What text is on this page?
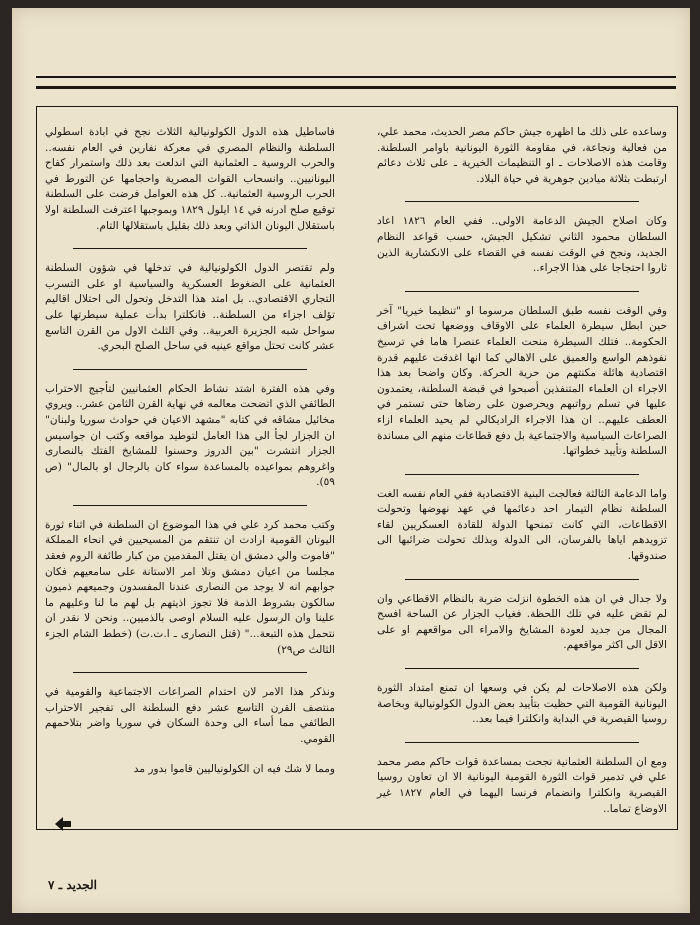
وساعده على ذلك ما اظهره جيش حاكم مصر الحديث، محمد علي، من فعالية ونجاعة، في مقاومة الثورة اليونانية باوامر السلطنة. وقامت هذه الاصلاحات ـ او التنظيمات الخيرية ـ على ثلاث دعائم ارتبطت بثلاثة ميادين جوهرية في حياة البلاد.

وكان اصلاح الجيش الدعامة الاولى.. ففي العام ١٨٢٦ اعاد السلطان محمود الثاني تشكيل الجيش، حسب قواعد النظام الجديد، ونجح في الوقت نفسه في القضاء على الانكشارية الذين ثاروا احتجاجا على هذا الاجراء..

وفي الوقت نفسه طبق السلطان مرسوما او "تنظيما خيريا" آخر حين ابطل سيطرة العلماء على الاوقاف ووضعها تحت اشراف الحكومة.. فتلك السيطرة منحت العلماء عنصرا هاما في ترسيخ نفوذهم الواسع والعميق على الاهالي كما انها اغدقت عليهم قدرة اقتصادية هائلة مكنتهم من حرية الحركة. وكان واضحا بعد هذا الاجراء ان العلماء المتنفذين أصبحوا في قبضة السلطنة، يعتمدون عليها في تسلم رواتبهم ويحرصون على رضاها حتى تستمر في العطف عليهم.. ان هذا الاجراء الراديكالي لم يحيد العلماء ازاء الصراعات السياسية والاجتماعية بل دفع قطاعات منهم الى مساندة السلطنة وتأييد خطواتها.

واما الدعامة الثالثة فعالجت البنية الاقتصادية ففي العام نفسه الغت السلطنة نظام التيمار احد دعائمها في عهد نهوضها وتحولت الاقطاعات، التي كانت تمنحها الدولة للقادة العسكريين لقاء تزويدهم اياها بالفرسان، الى الدولة وبذلك تحولت ضرائبها الى صندوقها.

ولا جدال في ان هذه الخطوة انزلت ضربة بالنظام الاقطاعي وان لم تقض عليه في تلك اللحظة. فغياب الجزار عن الساحة افسح المجال من جديد لعودة المشايخ والامراء الى مواقعهم او على الاقل الى اكثر مواقعهم.

ولكن هذه الاصلاحات لم يكن في وسعها ان تمنع امتداد الثورة اليونانية القومية التي حظيت بتأييد بعض الدول الكولونيالية وبخاصة روسيا القيصرية في البداية وانكلترا فيما بعد..

ومع ان السلطنة العثمانية نجحت بمساعدة قوات حاكم مصر محمد علي في تدمير قوات الثورة القومية اليونانية الا ان تعاون روسيا القيصرية وانكلترا وانضمام فرنسا اليهما في العام ١٨٢٧ غير الاوضاع تماما..

فاساطيل هذه الدول الكولونيالية الثلاث نجح في ابادة اسطولي السلطنة والنظام المصري في معركة نفارين في العام نفسه.. والحرب الروسية ـ العثمانية التي اندلعت بعد ذلك واستمرار كفاح اليونانيين.. وانسحاب القوات المصرية واحجامها عن التورط في الحرب الروسية العثمانية.. كل هذه العوامل فرضت على السلطنة توقيع صلح ادرنه في ١٤ ايلول ١٨٢٩ وبموجبها اعترفت السلطنة اولا باستقلال اليونان الذاتي وبعد ذلك بقليل باستقلالها التام.

ولم تقتصر الدول الكولونيالية في تدخلها في شؤون السلطنة العثمانية على الضغوط العسكرية والسياسية او على التسرب التجاري الاقتصادي.. بل امتد هذا التدخل وتحول الى احتلال اقاليم تؤلف اجزاء من السلطنة.. فانكلترا بدأت عملية سيطرتها على سواحل شبه الجزيرة العربية.. وفي الثلث الاول من القرن التاسع عشر كانت تحتل مواقع عينيه في ساحل الصلح البحري.

وفي هذه الفترة اشتد نشاط الحكام العثمانيين لتأجيج الاحتراب الطائفي الذي اتضحت معالمه في نهاية القرن الثامن عشر.. ويروي مخائيل مشاقه في كتابه "مشهد الاعيان في حوادث سوريا ولبنان" ان الجزار لجأ الى هذا العامل لتوطيد مواقعه وكتب ان جواسيس الجزار انتشرت "بين الدروز وحسنوا للمشايخ الفتك بالنصارى واغروهم بمواعيده بالمساعدة سواء كان بالرجال او بالمال" (ص ٥٩).

وكتب محمد كرد علي في هذا الموضوع ان السلطنة في اثناء ثورة اليونان القومية ارادت ان تنتقم من المسيحيين في انحاء المملكة "فاموت والي دمشق ان يقتل المقدمين من كبار طائفة الروم فعقد مجلسا من اعيان دمشق وتلا امر الاستانة على سامعيهم فكان جوابهم انه لا يوجد من النصارى عندنا المفسدون وجميعهم ذميون سالكون بشروط الذمة فلا تجوز اذيتهم بل لهم ما لنا وعليهم ما علينا وان الرسول عليه السلام اوصى بالذميين.. ونحن لا نقدر ان نتحمل هذه التبعة..." (قتل النصارى ـ ا.ت.ت) (خطط الشام الجزء الثالث ص٢٩)

ونذكر هذا الامر لان احتدام الصراعات الاجتماعية والقومية في منتصف القرن التاسع عشر دفع السلطنة الى تفجير الاحتراب الطائفي مما أساء الى وحدة السكان في سوريا واضر بتلاحمهم القومي.

ومما لا شك فيه ان الكولونياليين قاموا بدور مد

الجديد ـ ٧
